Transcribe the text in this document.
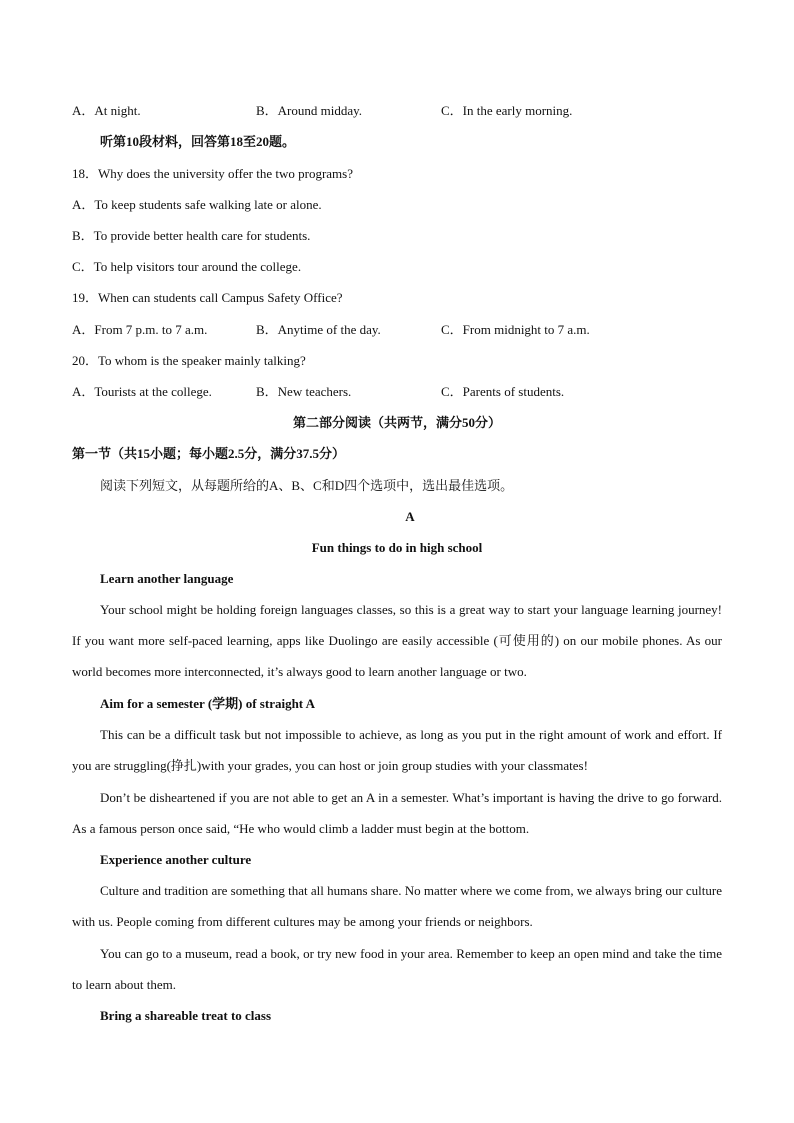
A．At night.	B．Around midday.	C．In the early morning.
听第10段材料，回答第18至20题。
18．Why does the university offer the two programs?
A．To keep students safe walking late or alone.
B．To provide better health care for students.
C．To help visitors tour around the college.
19．When can students call Campus Safety Office?
A．From 7 p.m. to 7 a.m.	B．Anytime of the day.	C．From midnight to 7 a.m.
20．To whom is the speaker mainly talking?
A．Tourists at the college.	B．New teachers.	C．Parents of students.
第二部分阅读（共两节，满分50分）
第一节（共15小题；每小题2.5分，满分37.5分）
阅读下列短文，从每题所给的A、B、C和D四个选项中，选出最佳选项。
A
Fun things to do in high school
Learn another language
Your school might be holding foreign languages classes, so this is a great way to start your language learning journey! If you want more self-paced learning, apps like Duolingo are easily accessible (可使用的) on our mobile phones. As our world becomes more interconnected, it’s always good to learn another language or two.
Aim for a semester (学期) of straight A
This can be a difficult task but not impossible to achieve, as long as you put in the right amount of work and effort. If you are struggling(挣扎)with your grades, you can host or join group studies with your classmates!
Don’t be disheartened if you are not able to get an A in a semester. What’s important is having the drive to go forward. As a famous person once said, “He who would climb a ladder must begin at the bottom.
Experience another culture
Culture and tradition are something that all humans share. No matter where we come from, we always bring our culture with us. People coming from different cultures may be among your friends or neighbors.
You can go to a museum, read a book, or try new food in your area. Remember to keep an open mind and take the time to learn about them.
Bring a shareable treat to class
